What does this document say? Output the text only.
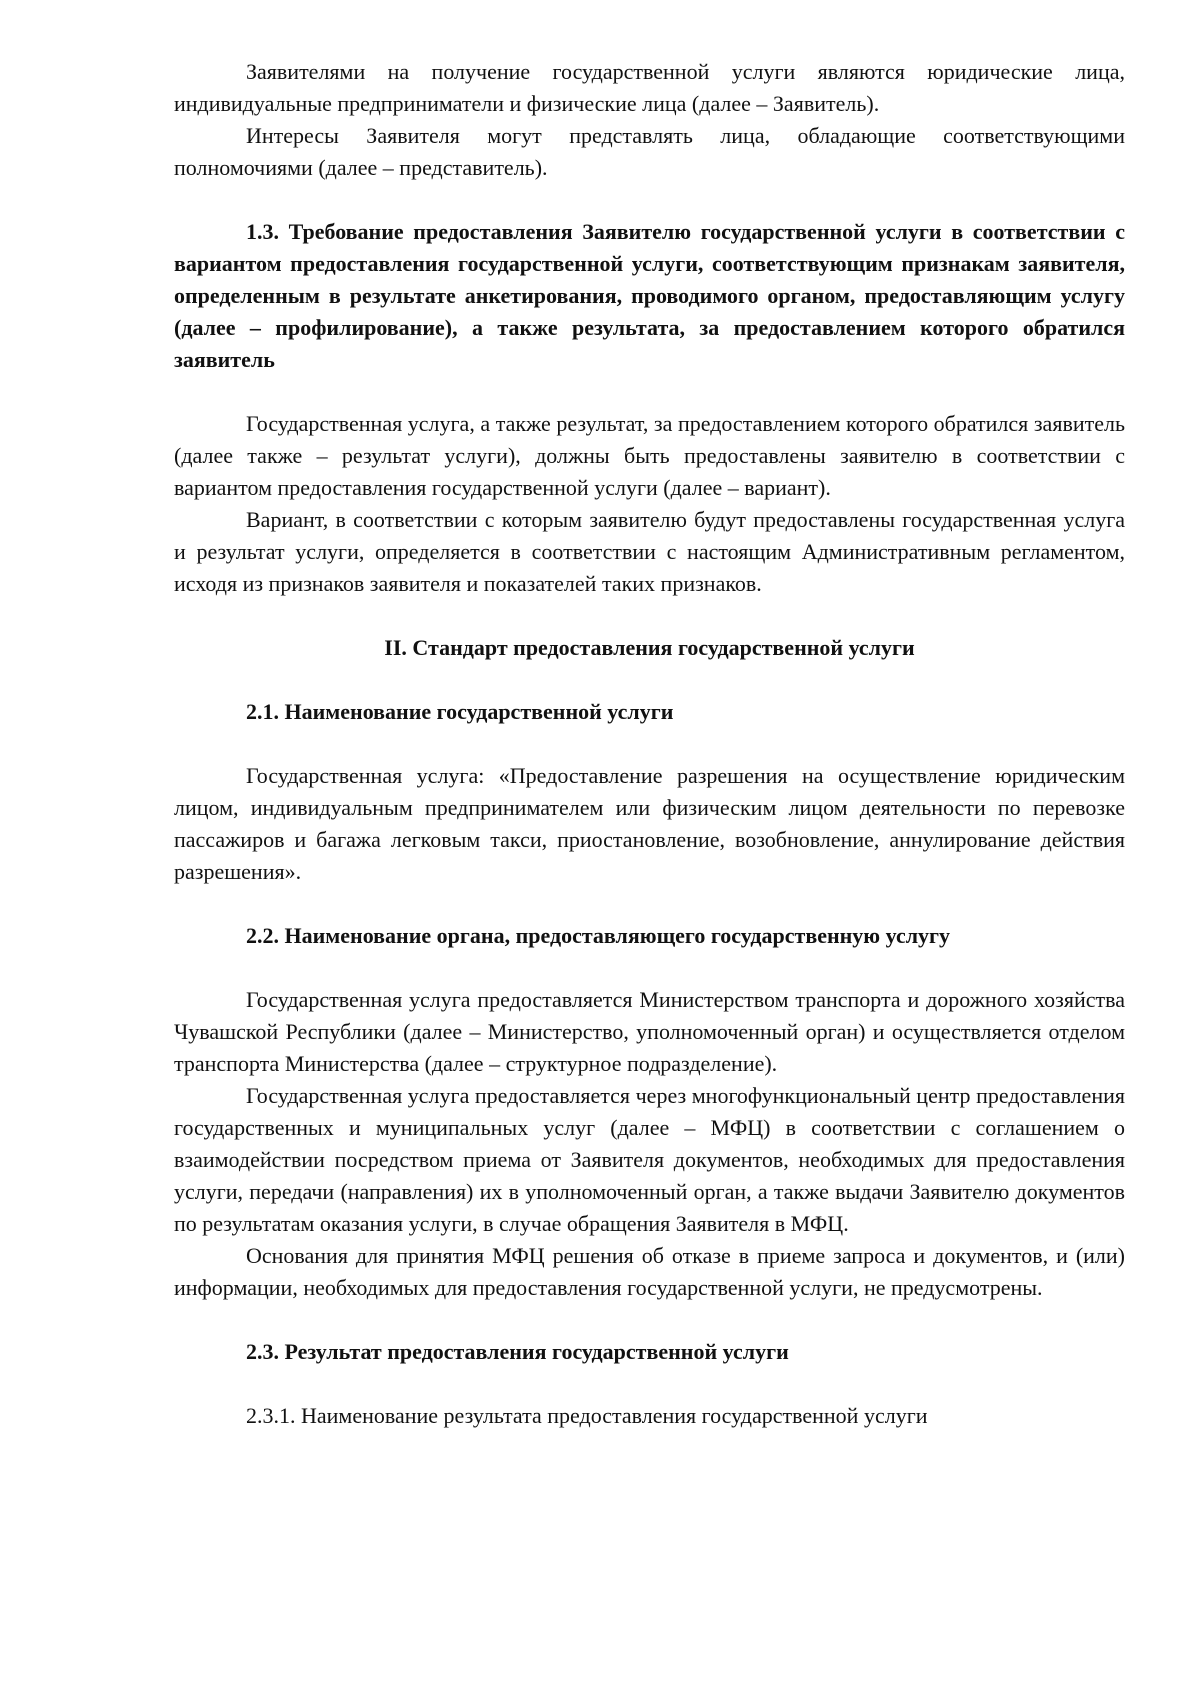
Заявителями на получение государственной услуги являются юридические лица, индивидуальные предприниматели и физические лица (далее – Заявитель).

Интересы Заявителя могут представлять лица, обладающие соответствующими полномочиями (далее – представитель).

1.3. Требование предоставления Заявителю государственной услуги в соответствии с вариантом предоставления государственной услуги, соответствующим признакам заявителя, определенным в результате анкетирования, проводимого органом, предоставляющим услугу (далее – профилирование), а также результата, за предоставлением которого обратился заявитель

Государственная услуга, а также результат, за предоставлением которого обратился заявитель (далее также – результат услуги), должны быть предоставлены заявителю в соответствии с вариантом предоставления государственной услуги (далее – вариант).

Вариант, в соответствии с которым заявителю будут предоставлены государственная услуга и результат услуги, определяется в соответствии с настоящим Административным регламентом, исходя из признаков заявителя и показателей таких признаков.

II. Стандарт предоставления государственной услуги

2.1. Наименование государственной услуги

Государственная услуга: «Предоставление разрешения на осуществление юридическим лицом, индивидуальным предпринимателем или физическим лицом деятельности по перевозке пассажиров и багажа легковым такси, приостановление, возобновление, аннулирование действия разрешения».

2.2. Наименование органа, предоставляющего государственную услугу

Государственная услуга предоставляется Министерством транспорта и дорожного хозяйства Чувашской Республики (далее – Министерство, уполномоченный орган) и осуществляется отделом транспорта Министерства (далее – структурное подразделение).

Государственная услуга предоставляется через многофункциональный центр предоставления государственных и муниципальных услуг (далее – МФЦ) в соответствии с соглашением о взаимодействии посредством приема от Заявителя документов, необходимых для предоставления услуги, передачи (направления) их в уполномоченный орган, а также выдачи Заявителю документов по результатам оказания услуги, в случае обращения Заявителя в МФЦ.

Основания для принятия МФЦ решения об отказе в приеме запроса и документов, и (или) информации, необходимых для предоставления государственной услуги, не предусмотрены.

2.3. Результат предоставления государственной услуги

2.3.1. Наименование результата предоставления государственной услуги
